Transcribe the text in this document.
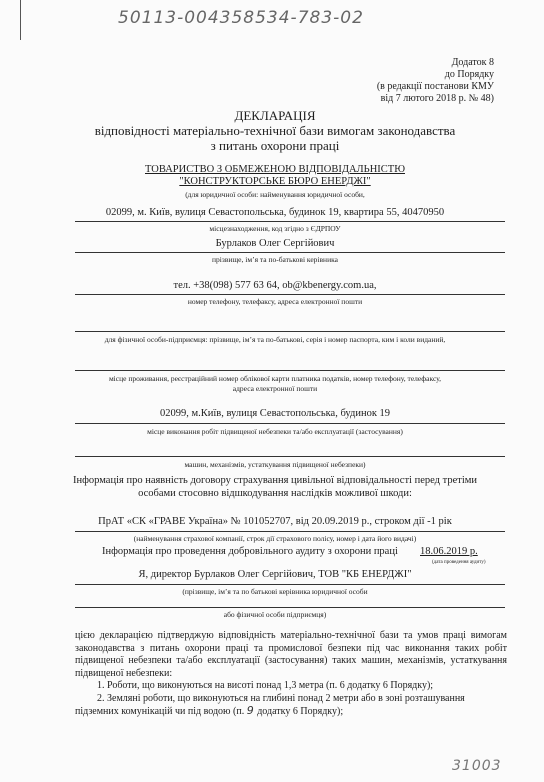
50113-004358534-783-02
31003
Додаток 8
до Порядку
(в редакції постанови КМУ
від 7 лютого 2018 р. № 48)
ДЕКЛАРАЦІЯ
відповідності матеріально-технічної бази вимогам законодавства
з питань охорони праці
ТОВАРИСТВО З ОБМЕЖЕНОЮ ВІДПОВІДАЛЬНІСТЮ
"КОНСТРУКТОРСЬКЕ БЮРО ЕНЕРДЖІ"
(для юридичної особи: найменування юридичної особи,
02099, м. Київ, вулиця Севастопольська, будинок 19, квартира 55, 40470950
місцезнаходження, код згідно з ЄДРПОУ
Бурлаков Олег Сергійович
прізвище, ім’я та по-батькові керівника
тел. +38(098) 577 63 64, ob@kbenergy.com.ua,
номер телефону, телефаксу, адреса електронної пошти
для фізичної особи-підприємця: прізвище, ім’я та по-батькові, серія і номер паспорта, ким і коли виданий,
місце проживання, реєстраційний номер облікової карти платника податків, номер телефону, телефаксу,
адреса електронної пошти
02099, м.Київ, вулиця Севастопольська, будинок 19
місце виконання робіт підвищеної небезпеки та/або експлуатації (застосування)
машин, механізмів, устаткування підвищеної небезпеки)
Інформація про наявність договору страхування цивільної відповідальності перед третіми
особами стосовно відшкодування наслідків можливої шкоди:
ПрАТ «СК «ГРАВЕ Україна» № 101052707, від 20.09.2019 р., строком дії -1 рік
(найменування страхової компанії, строк дії страхового полісу, номер і дата його видачі)
Інформація про проведення добровільного аудиту з охорони праці 18.06.2019 р.
(дата проведення аудиту)
Я, директор Бурлаков Олег Сергійович, ТОВ "КБ ЕНЕРДЖІ"
(прізвище, ім’я та по батькові керівника юридичної особи
або фізичної особи підприємця)

цією декларацією підтверджую відповідність матеріально-технічної бази та умов праці вимогам законодавства з питань охорони праці та промислової безпеки під час виконання таких робіт підвищеної небезпеки та/або експлуатації (застосування) таких машин, механізмів, устаткування підвищеної небезпеки:

1. Роботи, що виконуються на висоті понад 1,3 метра (п. 6 додатку 6 Порядку);

2. Земляні роботи, що виконуються на глибині понад 2 метри або в зоні розташування

підземних комунікацій чи під водою (п. 9 додатку 6 Порядку);
